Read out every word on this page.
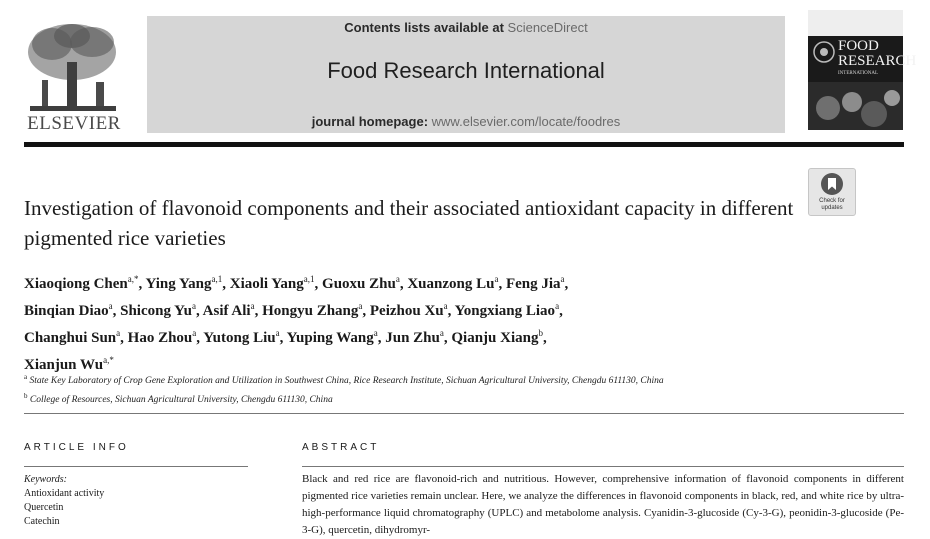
ELSEVIER
Contents lists available at ScienceDirect
Food Research International
journal homepage: www.elsevier.com/locate/foodres
FOOD RESEARCH
INTERNATIONAL
Check for updates
Investigation of flavonoid components and their associated antioxidant capacity in different pigmented rice varieties
Xiaoqiong Chen$^{a,*}$, Ying Yang$^{a,1}$, Xiaoli Yang$^{a,1}$, Guoxu Zhu$^a$, Xuanzong Lu$^a$, Feng Jia$^a$,
Binqian Diao$^a$, Shicong Yu$^a$, Asif Ali$^a$, Hongyu Zhang$^a$, Peizhou Xu$^a$, Yongxiang Liao$^a$,
Changhui Sun$^a$, Hao Zhou$^a$, Yutong Liu$^a$, Yuping Wang$^a$, Jun Zhu$^a$, Qianju Xiang$^b$,
Xianjun $Wu^{a,*}$
$^a$ State Key Laboratory of Crop Gene Exploration and Utilization in Southwest China, Rice Research Institute, Sichuan Agricultural University, Chengdu 611130, China
$^b$ College of Resources, Sichuan Agricultural University, Chengdu 611130, China
ARTICLE INFO
Keywords:
Antioxidant activity
Quercetin
Catechin
ABSTRACT
Black and red rice are flavonoid-rich and nutritious. However, comprehensive information of flavonoid components in different pigmented rice varieties remain unclear. Here, we analyze the differences in flavonoid components in black, red, and white rice by ultra-high-performance liquid chromatography (UPLC) and metabolome analysis. Cyanidin-3-glucoside (Cy-3-G), peonidin-3-glucoside (Pe-3-G), quercetin, dihydromyr-
